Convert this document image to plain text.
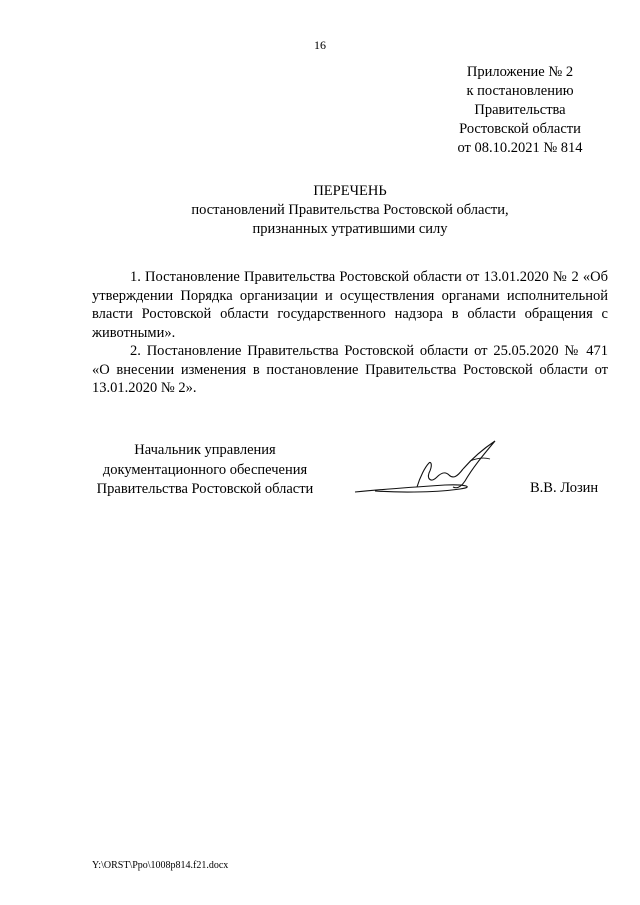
16
Приложение № 2
к постановлению
Правительства
Ростовской области
от 08.10.2021 № 814
ПЕРЕЧЕНЬ
постановлений Правительства Ростовской области,
признанных утратившими силу

1. Постановление Правительства Ростовской области от 13.01.2020 № 2 «Об утверждении Порядка организации и осуществления органами исполнительной власти Ростовской области государственного надзора в области обращения с животными».

2. Постановление Правительства Ростовской области от 25.05.2020 № 471 «О внесении изменения в постановление Правительства Ростовской области от 13.01.2020 № 2».

Начальник управления
документационного обеспечения
Правительства Ростовской области	В.В. Лозин
Y:\ORST\Ppo\1008p814.f21.docx
